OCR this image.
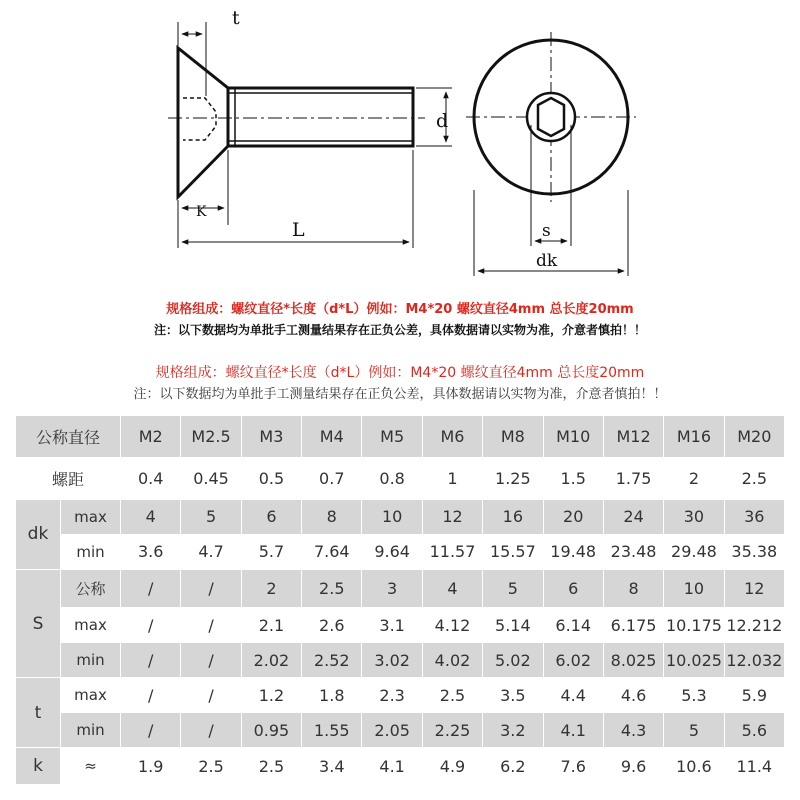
t
K
L
d
s
dk
规格组成：螺纹直径*长度（d*L）例如：M4*20 螺纹直径4mm 总长度20mm
注：以下数据均为单批手工测量结果存在正负公差，具体数据请以实物为准，介意者慎拍！！
规格组成：螺纹直径*长度（d*L）例如：M4*20 螺纹直径4mm 总长度20mm
注：以下数据均为单批手工测量结果存在正负公差，具体数据请以实物为准，介意者慎拍！！
公称直径		M2	M2.5	M3	M4	M5	M6	M8	M10	M12	M16	M20
螺距		0.4	0.45	0.5	0.7	0.8	1	1.25	1.5	1.75	2	2.5
dk	max	4	5	6	8	10	12	16	20	24	30	36
	min	3.6	4.7	5.7	7.64	9.64	11.57	15.57	19.48	23.48	29.48	35.38
S	公称	/	/	2	2.5	3	4	5	6	8	10	12
	max	/	/	2.1	2.6	3.1	4.12	5.14	6.14	6.175	10.175	12.212
	min	/	/	2.02	2.52	3.02	4.02	5.02	6.02	8.025	10.025	12.032
t	max	/	/	1.2	1.8	2.3	2.5	3.5	4.4	4.6	5.3	5.9
	min	/	/	0.95	1.55	2.05	2.25	3.2	4.1	4.3	5	5.6
k	≈	1.9	2.5	2.5	3.4	4.1	4.9	6.2	7.6	9.6	10.6	11.4
